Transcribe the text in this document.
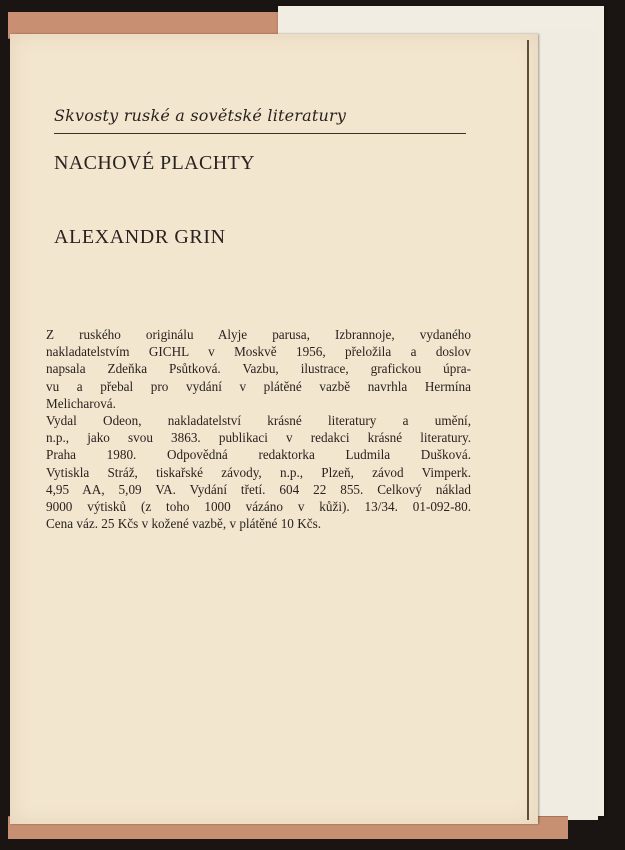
Skvosty ruské a sovětské literatury
NACHOVÉ PLACHTY
ALEXANDR GRIN
Z ruského originálu Alyje parusa, Izbrannoje, vydaného
nakladatelstvím GICHL v Moskvě 1956, přeložila a doslov
napsala Zdeňka Psůtková. Vazbu, ilustrace, grafickou úpra-
vu a přebal pro vydání v plátěné vazbě navrhla Hermína
Melicharová.
Vydal Odeon, nakladatelství krásné literatury a umění,
n.p., jako svou 3863. publikaci v redakci krásné literatury.
Praha 1980. Odpovědná redaktorka Ludmila Dušková.
Vytiskla Stráž, tiskařské závody, n.p., Plzeň, závod Vimperk.
4,95 AA, 5,09 VA. Vydání třetí. 604 22 855. Celkový náklad
9000 výtisků (z toho 1000 vázáno v kůži). 13/34. 01-092-80.
Cena váz. 25 Kčs v kožené vazbě, v plátěné 10 Kčs.
